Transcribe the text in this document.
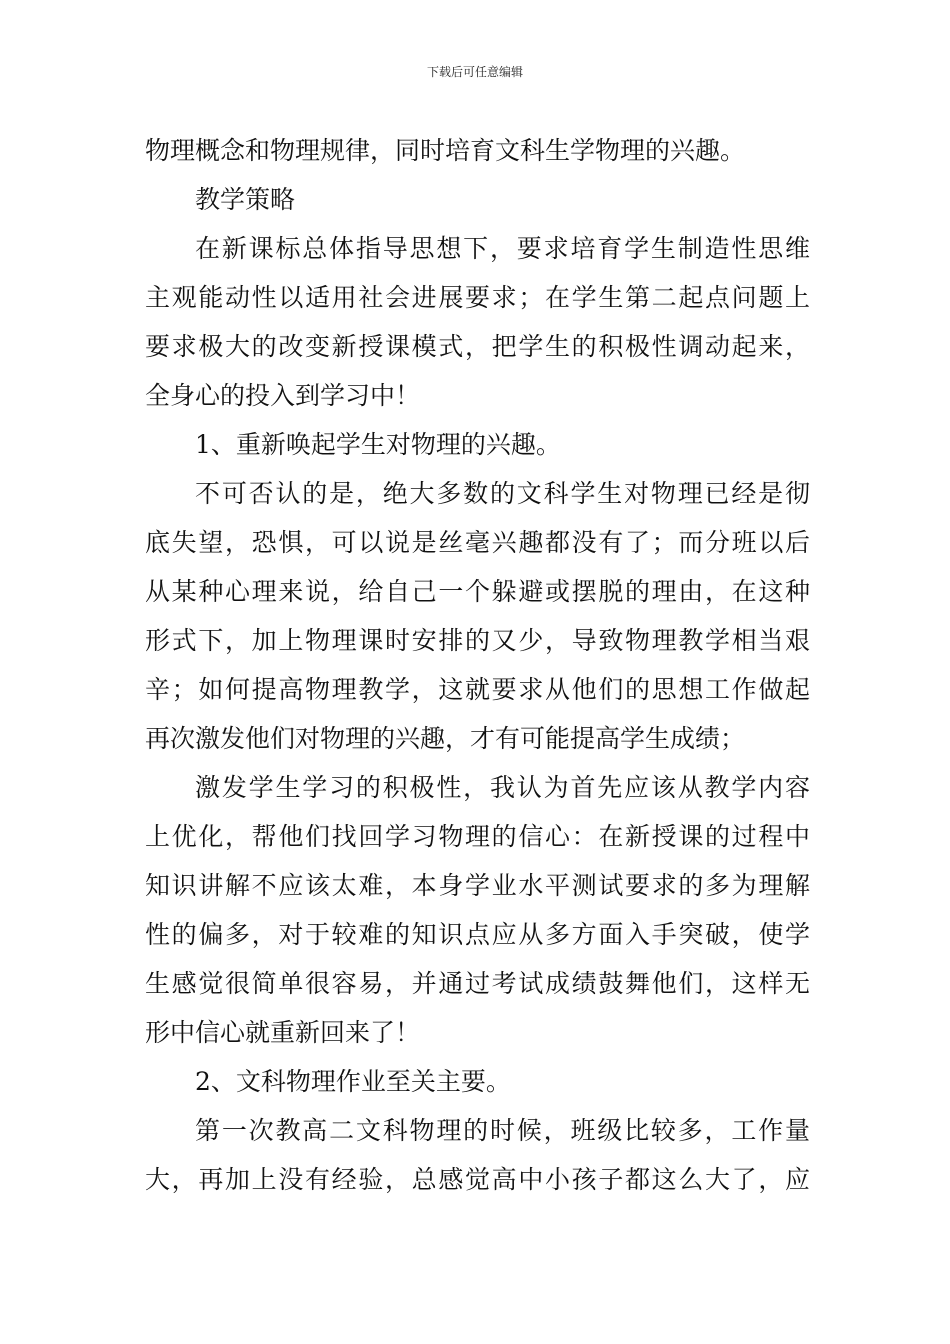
下载后可任意编辑
物理概念和物理规律，同时培育文科生学物理的兴趣。
教学策略
在新课标总体指导思想下，要求培育学生制造性思维
主观能动性以适用社会进展要求；在学生第二起点问题上
要求极大的改变新授课模式，把学生的积极性调动起来，
全身心的投入到学习中！
1、重新唤起学生对物理的兴趣。
不可否认的是，绝大多数的文科学生对物理已经是彻
底失望，恐惧，可以说是丝毫兴趣都没有了；而分班以后
从某种心理来说，给自己一个躲避或摆脱的理由，在这种
形式下，加上物理课时安排的又少，导致物理教学相当艰
辛；如何提高物理教学，这就要求从他们的思想工作做起
再次激发他们对物理的兴趣，才有可能提高学生成绩；
激发学生学习的积极性，我认为首先应该从教学内容
上优化，帮他们找回学习物理的信心：在新授课的过程中
知识讲解不应该太难，本身学业水平测试要求的多为理解
性的偏多，对于较难的知识点应从多方面入手突破，使学
生感觉很简单很容易，并通过考试成绩鼓舞他们，这样无
形中信心就重新回来了！
2、文科物理作业至关主要。
第一次教高二文科物理的时候，班级比较多，工作量
大，再加上没有经验，总感觉高中小孩子都这么大了，应
